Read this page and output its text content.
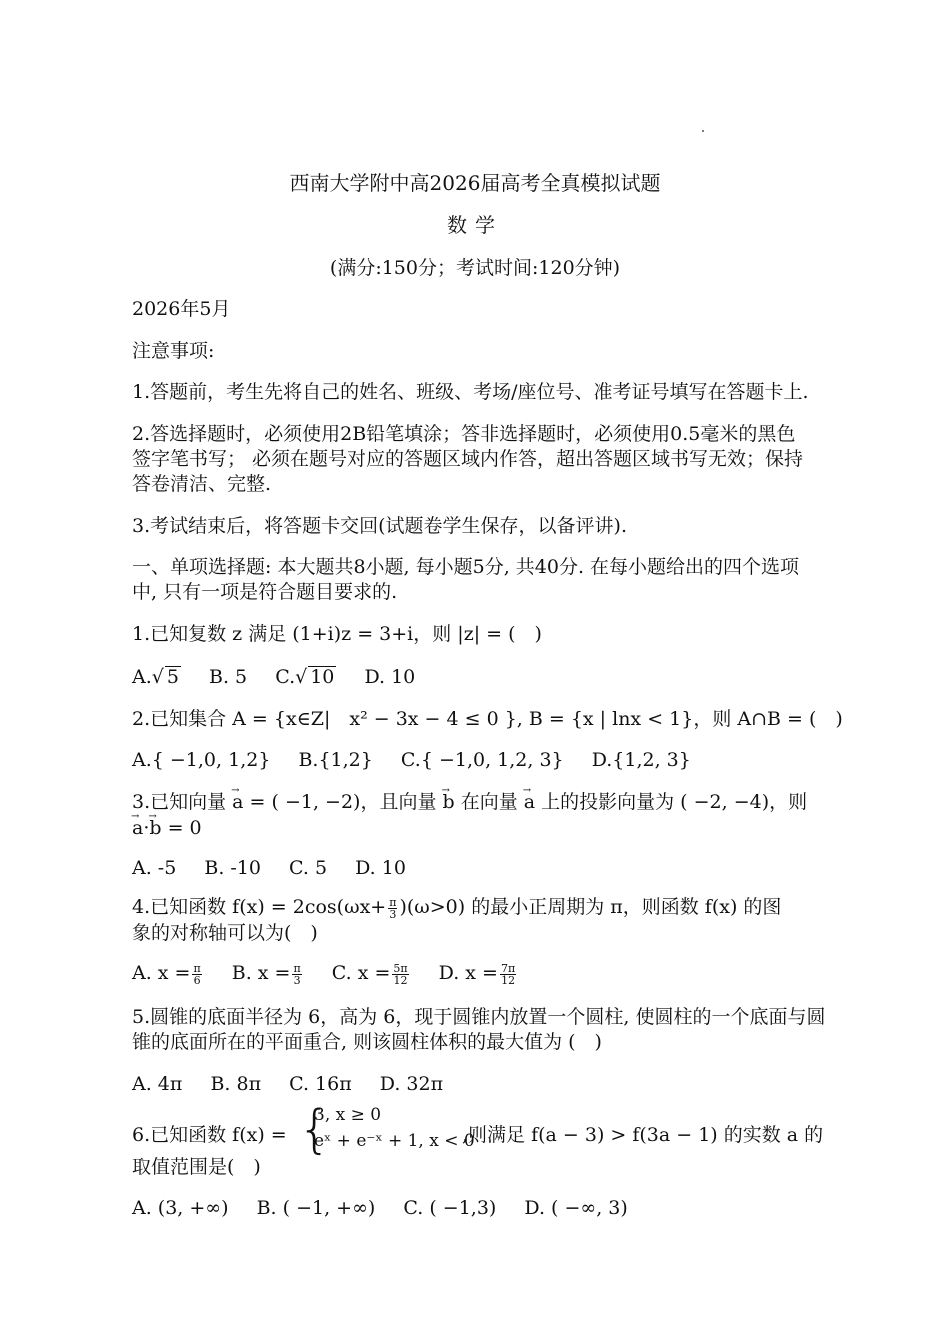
西南大学附中高2026届高考全真模拟试题
数学
(满分:150分；考试时间:120分钟)
2026年5月
注意事项:
1.答题前，考生先将自己的姓名、班级、考场/座位号、准考证号填写在答题卡上.
2.答选择题时，必须使用2B铅笔填涂；答非选择题时，必须使用0.5毫米的黑色
签字笔书写； 必须在题号对应的答题区域内作答，超出答题区域书写无效；保持
答卷清洁、完整.
3.考试结束后，将答题卡交回(试题卷学生保存，以备评讲).
一、单项选择题: 本大题共8小题, 每小题5分, 共40分. 在每小题给出的四个选项
中, 只有一项是符合题目要求的.
1.已知复数 z 满足 (1+i)z = 3+i，则 |z| = (　)
A.√ 5 B. 5 C.√ 10 D. 10
2.已知集合 A = {x∈Z|　x² − 3x − 4 ≤ 0 }, B = {x | lnx < 1}，则 A∩B = (　)
A.{ −1,0, 1,2} B.{1,2} C.{ −1,0, 1,2, 3} D.{1,2, 3}
3.已知向量 → a = ( −1, −2)，且向量 → b 在向量 → a 上的投影向量为 ( −2, −4)，则
→ a·→ b = 0
A. -5 B. -10 C. 5 D. 10
4.已知函数 $f(x) = 2\cos(\omega x+ \frac{\pi}{3} )(\omega>0)$ 的最小正周期为 π，则函数 f(x) 的图
象的对称轴可以为(　)
A. $x = \frac{\pi}{6} B$. $x = \frac{\pi}{3} C$. $x = \frac{5\pi}{12} D$. $x = \frac{7\pi}{12}$
5.圆锥的底面半径为 6，高为 6，现于圆锥内放置一个圆柱, 使圆柱的一个底面与圆
锥的底面所在的平面重合, 则该圆柱体积的最大值为 (　)
A. 4π B. 8π C. 16π D. 32π
6.已知函数 f(x) = {
3, x ≥ 0
eˣ + e⁻ˣ + 1, x < 0
,则满足 f(a − 3) > f(3a − 1) 的实数 a 的
取值范围是(　)
A. (3, +∞) B. ( −1, +∞) C. ( −1,3) D. ( −∞, 3)
